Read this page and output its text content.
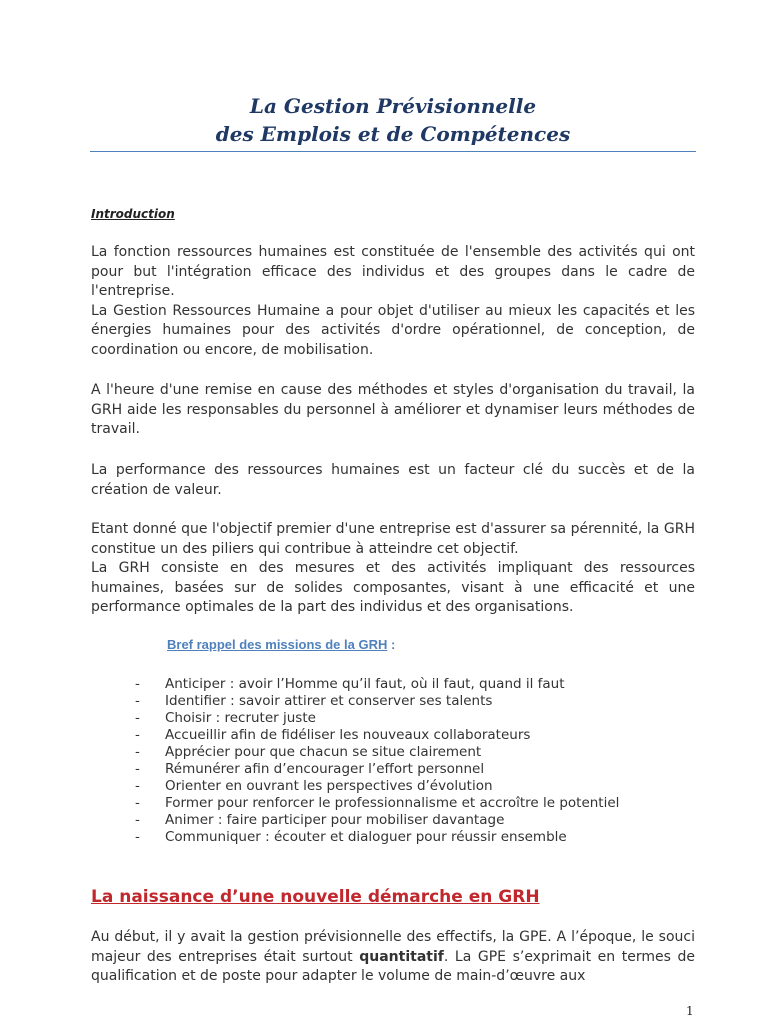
La Gestion Prévisionnelle
des Emplois et de Compétences
Introduction
La fonction ressources humaines est constituée de l'ensemble des activités qui ont pour but l'intégration efficace des individus et des groupes dans le cadre de l'entreprise.
La Gestion Ressources Humaine a pour objet d'utiliser au mieux les capacités et les énergies humaines pour des activités d'ordre opérationnel, de conception, de coordination ou encore, de mobilisation.
A l'heure d'une remise en cause des méthodes et styles d'organisation du travail, la GRH aide les responsables du personnel à améliorer et dynamiser leurs méthodes de travail.
La performance des ressources humaines est un facteur clé du succès et de la création de valeur.
Etant donné que l'objectif premier d'une entreprise est d'assurer sa pérennité, la GRH constitue un des piliers qui contribue à atteindre cet objectif.
La GRH consiste en des mesures et des activités impliquant des ressources humaines, basées sur de solides composantes, visant à une efficacité et une performance optimales de la part des individus et des organisations.
Bref rappel des missions de la GRH :
- Anticiper : avoir l’Homme qu’il faut, où il faut, quand il faut
- Identifier : savoir attirer et conserver ses talents
- Choisir : recruter juste
- Accueillir afin de fidéliser les nouveaux collaborateurs
- Apprécier pour que chacun se situe clairement
- Rémunérer afin d’encourager l’effort personnel
- Orienter en ouvrant les perspectives d’évolution
- Former pour renforcer le professionnalisme et accroître le potentiel
- Animer : faire participer pour mobiliser davantage
- Communiquer : écouter et dialoguer pour réussir ensemble
La naissance d’une nouvelle démarche en GRH
Au début, il y avait la gestion prévisionnelle des effectifs, la GPE. A l’époque, le souci majeur des entreprises était surtout quantitatif. La GPE s’exprimait en termes de qualification et de poste pour adapter le volume de main-d’œuvre aux
1
